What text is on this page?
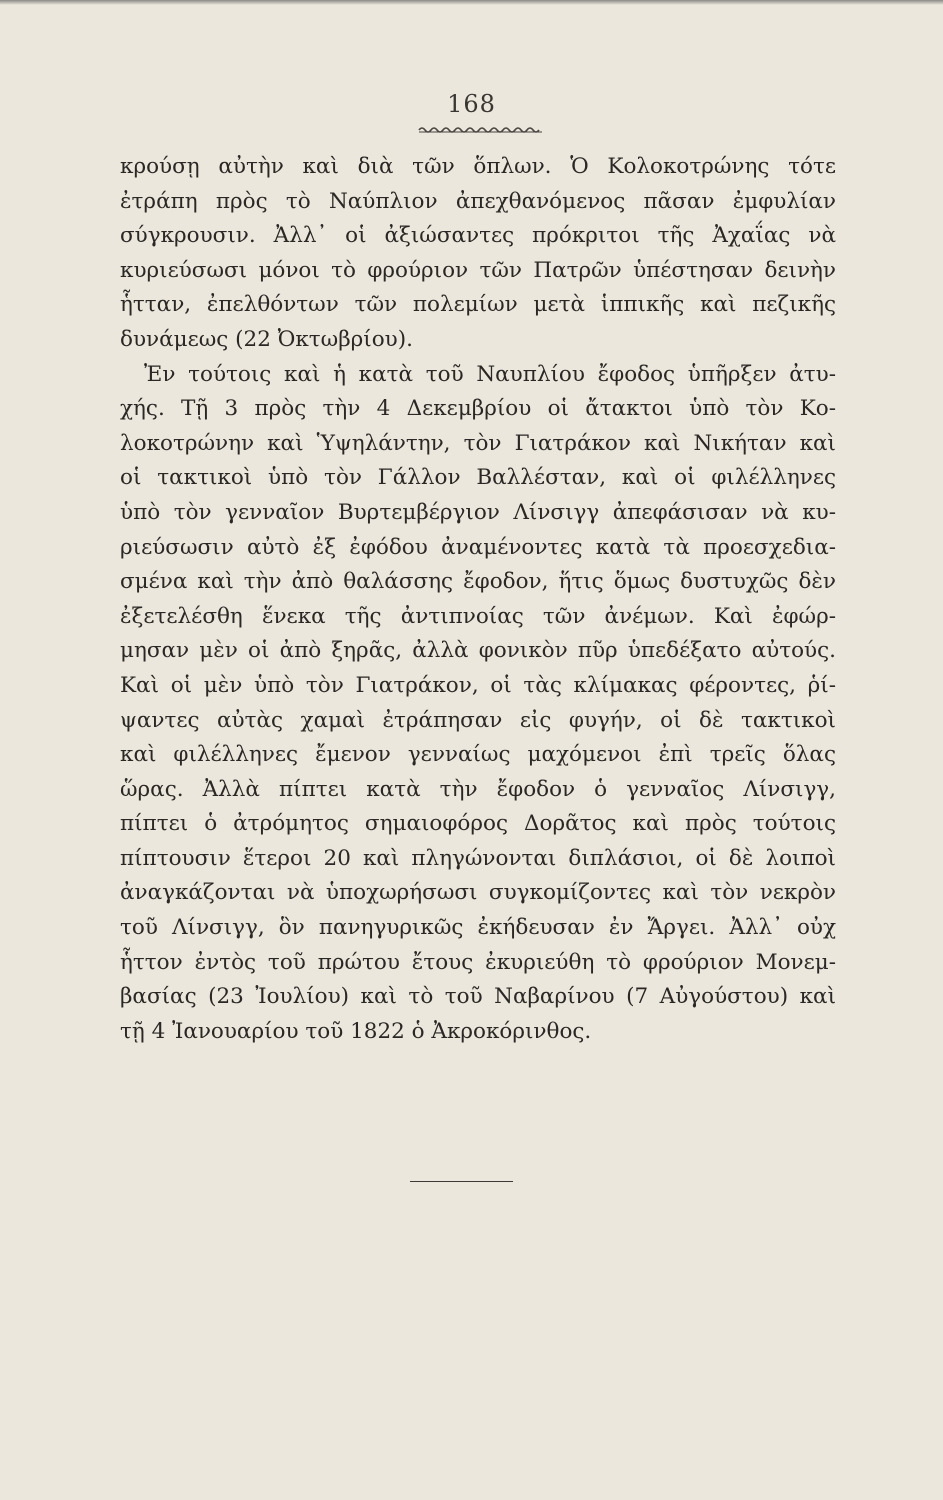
168
κρούσῃ αὐτὴν καὶ διὰ τῶν ὅπλων. Ὁ Κολοκοτρώνης τότε
ἐτράπη πρὸς τὸ Ναύπλιον ἀπεχθανόμενος πᾶσαν ἐμφυλίαν
σύγκρουσιν. Ἀλλ᾽ οἱ ἀξιώσαντες πρόκριτοι τῆς Ἀχαΐας νὰ
κυριεύσωσι μόνοι τὸ φρούριον τῶν Πατρῶν ὑπέστησαν δεινὴν
ἧτταν, ἐπελθόντων τῶν πολεμίων μετὰ ἱππικῆς καὶ πεζικῆς
δυνάμεως (22 Ὀκτωβρίου).
Ἐν τούτοις καὶ ἡ κατὰ τοῦ Ναυπλίου ἔφοδος ὑπῆρξεν ἀτυ-
χής. Τῇ 3 πρὸς τὴν 4 Δεκεμβρίου οἱ ἄτακτοι ὑπὸ τὸν Κο-
λοκοτρώνην καὶ Ὑψηλάντην, τὸν Γιατράκον καὶ Νικήταν καὶ
οἱ τακτικοὶ ὑπὸ τὸν Γάλλον Βαλλέσταν, καὶ οἱ φιλέλληνες
ὑπὸ τὸν γενναῖον Βυρτεμβέργιον Λίνσιγγ ἀπεφάσισαν νὰ κυ-
ριεύσωσιν αὐτὸ ἐξ ἐφόδου ἀναμένοντες κατὰ τὰ προεσχεδια-
σμένα καὶ τὴν ἀπὸ θαλάσσης ἔφοδον, ἥτις ὅμως δυστυχῶς δὲν
ἐξετελέσθη ἕνεκα τῆς ἀντιπνοίας τῶν ἀνέμων. Καὶ ἐφώρ-
μησαν μὲν οἱ ἀπὸ ξηρᾶς, ἀλλὰ φονικὸν πῦρ ὑπεδέξατο αὐτούς.
Καὶ οἱ μὲν ὑπὸ τὸν Γιατράκον, οἱ τὰς κλίμακας φέροντες, ῥί-
ψαντες αὐτὰς χαμαὶ ἐτράπησαν εἰς φυγήν, οἱ δὲ τακτικοὶ
καὶ φιλέλληνες ἔμενον γενναίως μαχόμενοι ἐπὶ τρεῖς ὅλας
ὥρας. Ἀλλὰ πίπτει κατὰ τὴν ἔφοδον ὁ γενναῖος Λίνσιγγ,
πίπτει ὁ ἀτρόμητος σημαιοφόρος Δορᾶτος καὶ πρὸς τούτοις
πίπτουσιν ἕτεροι 20 καὶ πληγώνονται διπλάσιοι, οἱ δὲ λοιποὶ
ἀναγκάζονται νὰ ὑποχωρήσωσι συγκομίζοντες καὶ τὸν νεκρὸν
τοῦ Λίνσιγγ, ὃν πανηγυρικῶς ἐκήδευσαν ἐν Ἄργει. Ἀλλ᾽ οὐχ
ἧττον ἐντὸς τοῦ πρώτου ἔτους ἐκυριεύθη τὸ φρούριον Μονεμ-
βασίας (23 Ἰουλίου) καὶ τὸ τοῦ Ναβαρίνου (7 Αὐγούστου) καὶ
τῇ 4 Ἰανουαρίου τοῦ 1822 ὁ Ἀκροκόρινθος.
